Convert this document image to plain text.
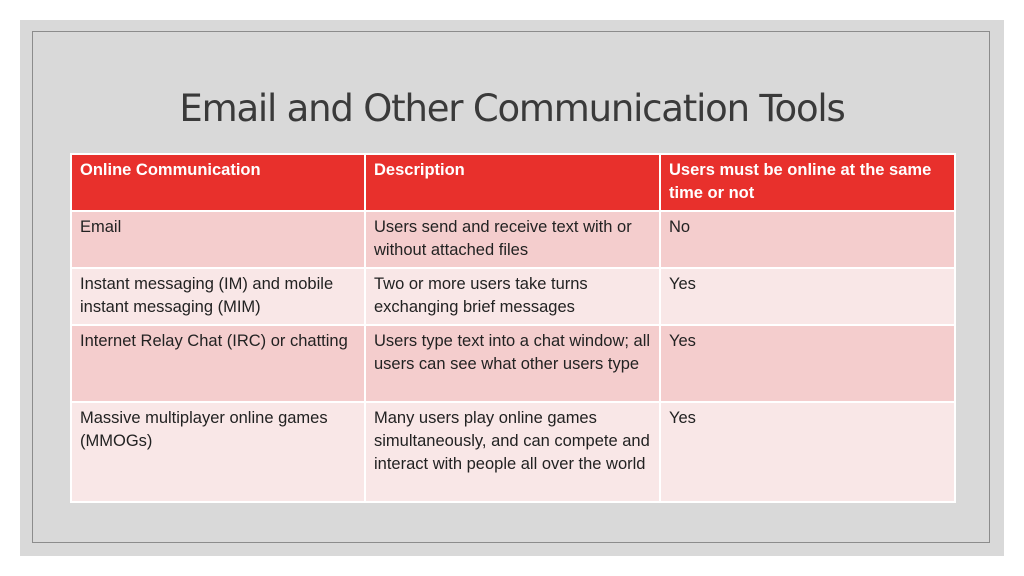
Email and Other Communication Tools
Online Communication	Description	Users must be online at the same time or not
Email	Users send and receive text with or without attached files	No
Instant messaging (IM) and mobile instant messaging (MIM)	Two or more users take turns exchanging brief messages	Yes
Internet Relay Chat (IRC) or chatting	Users type text into a chat window; all users can see what other users type	Yes
Massive multiplayer online games (MMOGs)	Many users play online games simultaneously, and can compete and interact with people all over the world	Yes
